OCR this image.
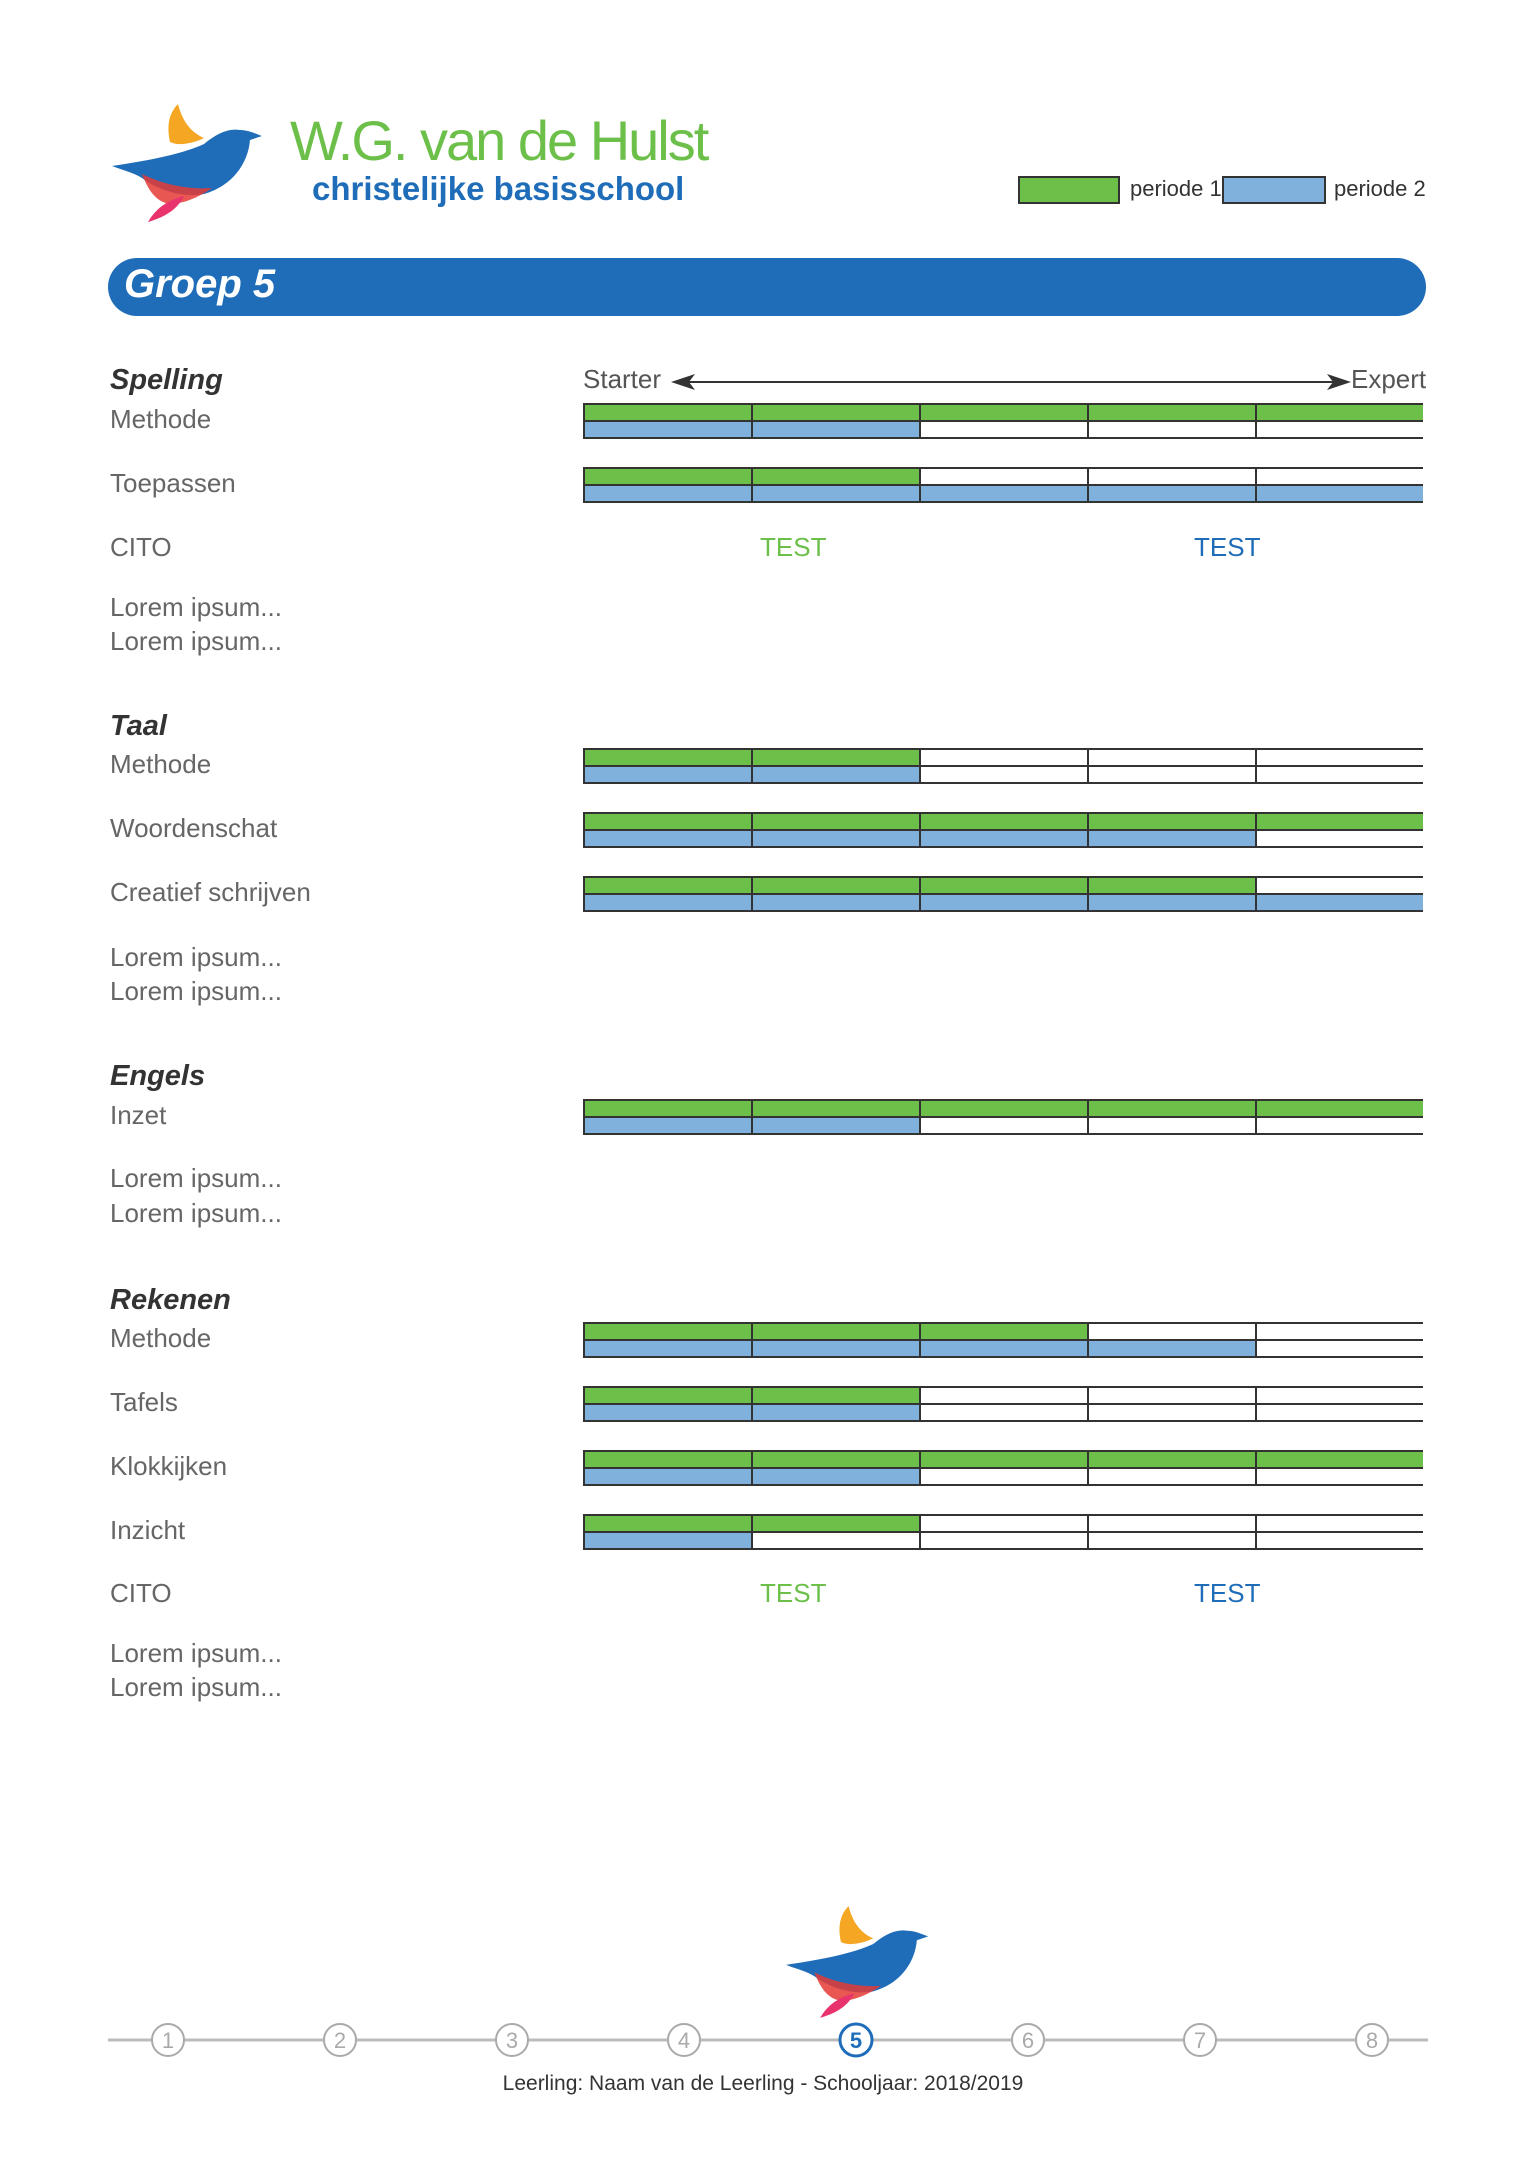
W.G. van de Hulst
christelijke basisschool	periode 1	periode 2
Groep 5
Starter	Expert
Spelling
Methode
Toepassen
CITO	TEST	TEST
Lorem ipsum...
Lorem ipsum...
Taal
Methode
Woordenschat
Creatief schrijven
Lorem ipsum...
Lorem ipsum...
Engels
Inzet
Lorem ipsum...
Lorem ipsum...
Rekenen
Methode
Tafels
Klokkijken
Inzicht
CITO	TEST	TEST
Lorem ipsum...
Lorem ipsum...
1	2	3	4	5	6	7	8
Leerling: Naam van de Leerling - Schooljaar: 2018/2019
